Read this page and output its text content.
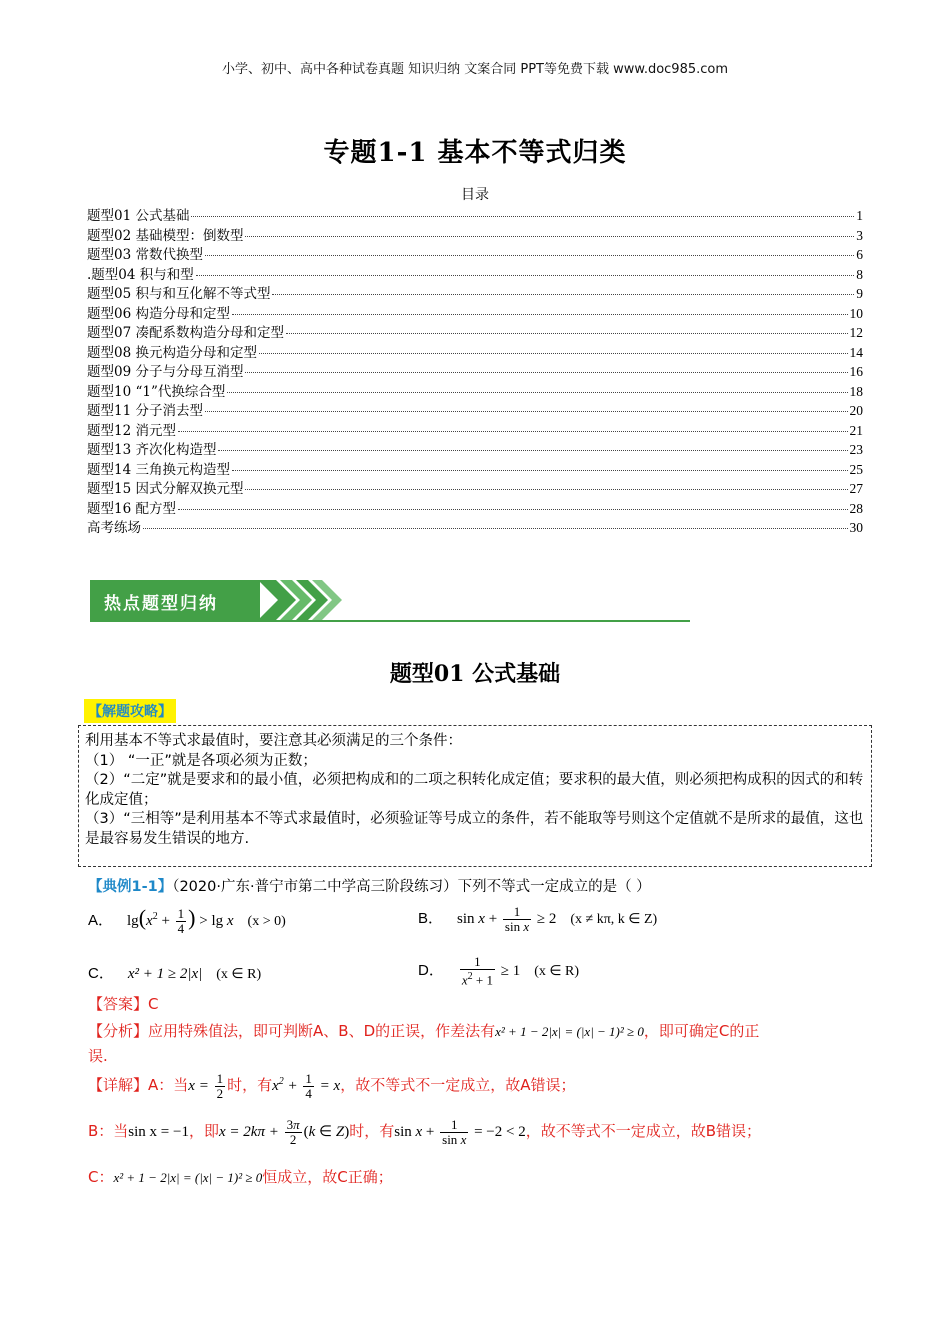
小学、初中、高中各种试卷真题 知识归纳 文案合同 PPT等免费下载 www.doc985.com
专题1-1 基本不等式归类
目录
题型01 公式基础	1
题型02 基础模型：倒数型	3
题型03 常数代换型	6
.题型04 积与和型	8
题型05 积与和互化解不等式型	9
题型06 构造分母和定型	10
题型07 凑配系数构造分母和定型	12
题型08 换元构造分母和定型	14
题型09 分子与分母互消型	16
题型10 “1”代换综合型	18
题型11 分子消去型	20
题型12 消元型	21
题型13 齐次化构造型	23
题型14 三角换元构造型	25
题型15 因式分解双换元型	27
题型16 配方型	28
高考练场	30
热点题型归纳
题型01 公式基础
【解题攻略】

利用基本不等式求最值时，要注意其必须满足的三个条件：

（1） “一正”就是各项必须为正数；

（2）“二定”就是要求和的最小值，必须把构成和的二项之积转化成定值；要求积的最大值，则必须把构成积的因式的和转化成定值；

（3）“三相等”是利用基本不等式求最值时，必须验证等号成立的条件，若不能取等号则这个定值就不是所求的最值，这也是最容易发生错误的地方.

【典例1-1】（2020·广东·普宁市第二中学高三阶段练习）下列不等式一定成立的是（ ）
A． $\lg(x^2 + \frac{1}{4}$ ) > lg x (x > 0)	B． $\sin x + \frac{1}{\text{sin x}} \ge 2$ (x ≠ kπ, k ∈ Z)
C． x² + 1 ≥ 2|x| (x ∈ R)	D． $\frac{1}{x^2 + 1} \ge 1$ (x ∈ R)
【答案】C
【分析】应用特殊值法，即可判断A、B、D的正误，作差法有x² + 1 − 2|x| = (|x| − 1)² ≥ 0，即可确定C的正
误.
【详解】A：当$x = \frac{1}{2}$ 时，有$x^2 + \frac{1}{4} = x$，故不等式不一定成立，故A错误；
B：当sin x = −1，即$x = 2k\pi + \frac{3\pi}{2} (k$ ∈ Z)时，有$\sin x + \frac{1}{\text{sin x}} = -2 < 2$，故不等式不一定成立，故B错误；
C：x² + 1 − 2|x| = (|x| − 1)² ≥ 0恒成立，故C正确；
